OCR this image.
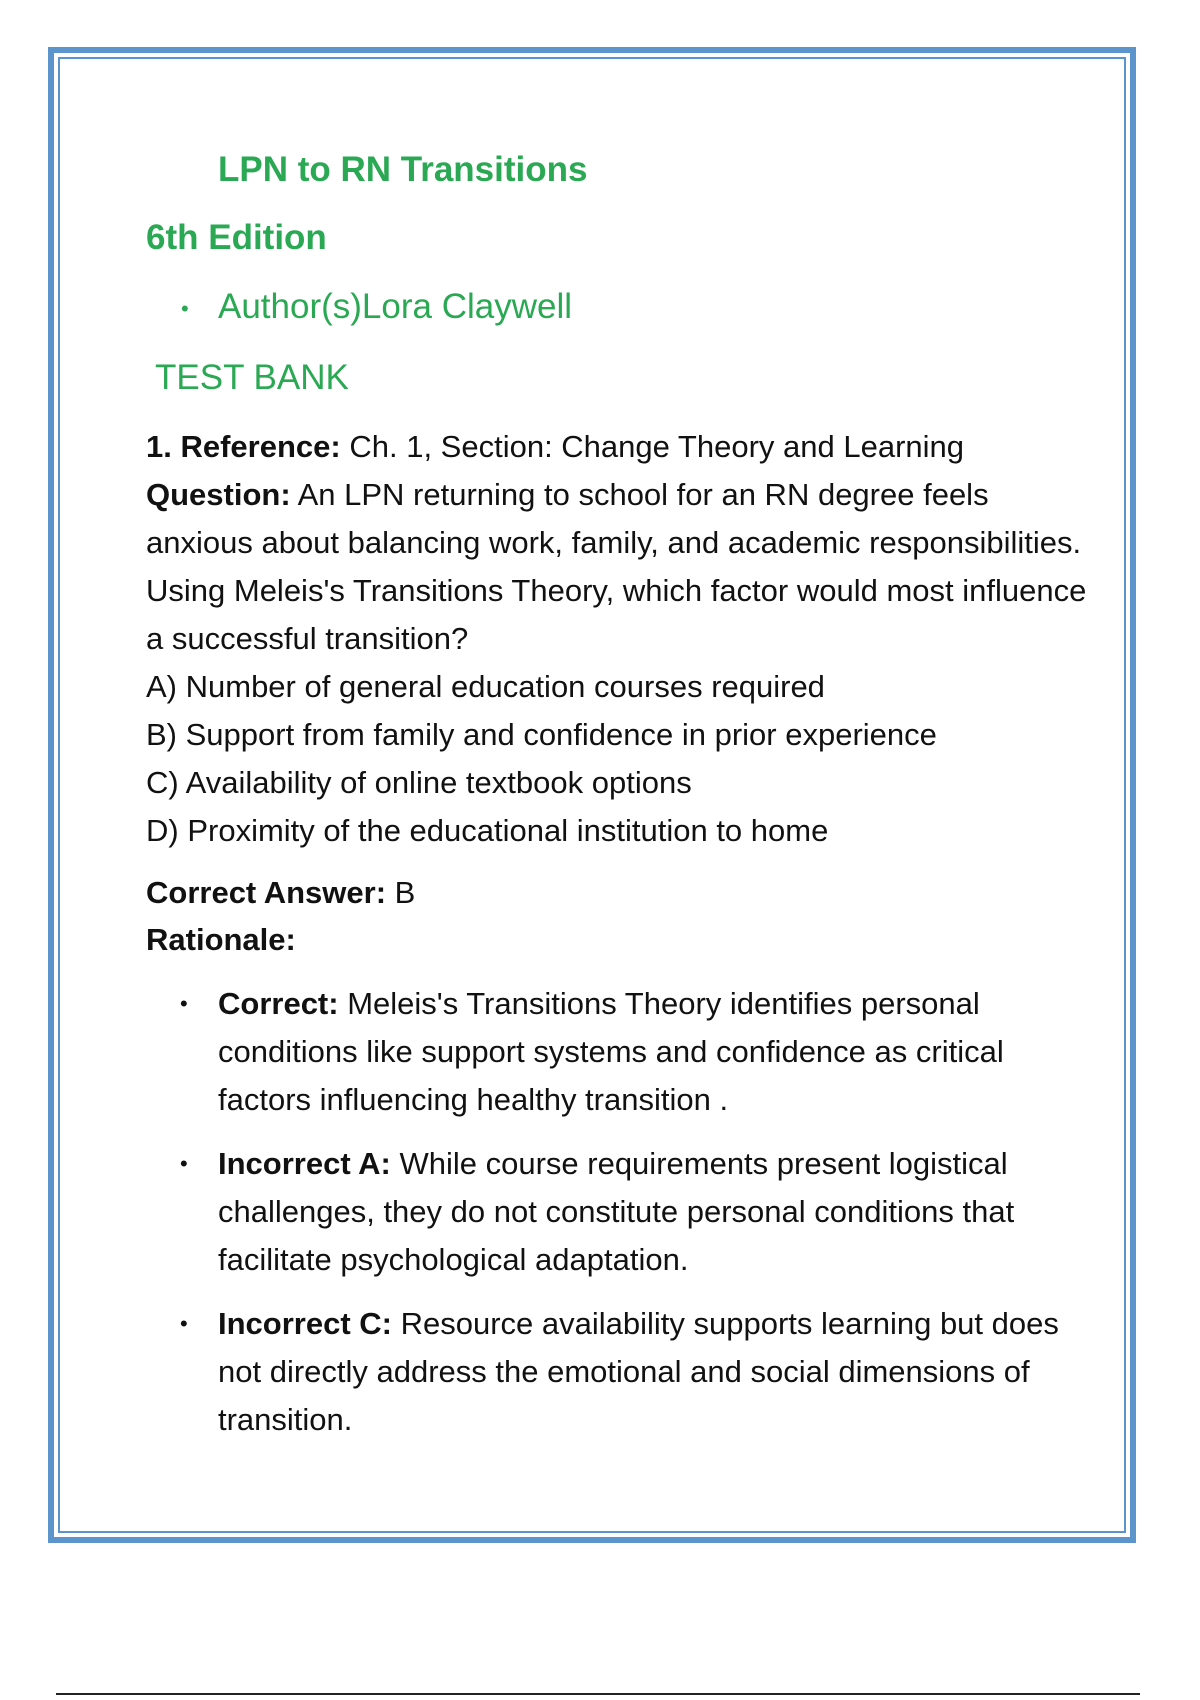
LPN to RN Transitions
6th Edition
• Author(s)Lora Claywell
TEST BANK

1. Reference: Ch. 1, Section: Change Theory and Learning

Question: An LPN returning to school for an RN degree feels anxious about balancing work, family, and academic responsibilities. Using Meleis's Transitions Theory, which factor would most influence a successful transition?

A) Number of general education courses required

B) Support from family and confidence in prior experience

C) Availability of online textbook options

D) Proximity of the educational institution to home

Correct Answer: B

Rationale:

• Correct: Meleis's Transitions Theory identifies personal conditions like support systems and confidence as critical factors influencing healthy transition .
• Incorrect A: While course requirements present logistical challenges, they do not constitute personal conditions that facilitate psychological adaptation.
• Incorrect C: Resource availability supports learning but does not directly address the emotional and social dimensions of transition.
